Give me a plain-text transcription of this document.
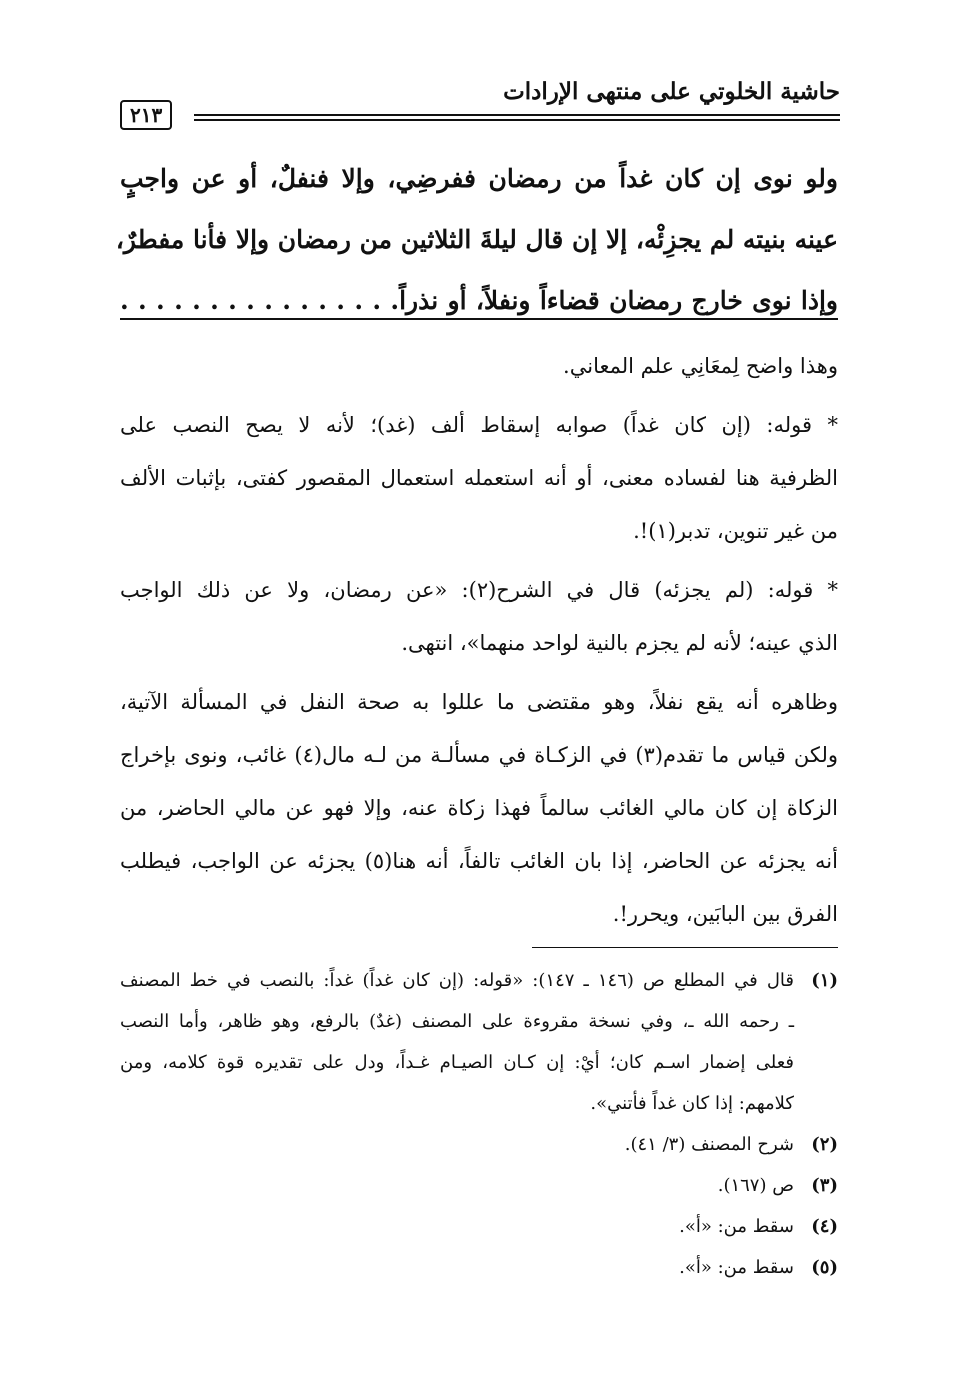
حاشية الخلوتي على منتهى الإرادات
٢١٣

ولو نوى إن كان غداً من رمضان ففرضِي، وإلا فنفلٌ، أو عن واجبٍ

عينه بنيته لم يجزِئْه، إلا إن قال ليلةَ الثلاثين من رمضان وإلا فأنا مفطرٌ،

وإذا نوى خارج رمضان قضاءاً ونفلاً، أو نذراً. . . . . . . . . . . . . . . .

وهذا واضح لِمعَانِي علم المعاني.
* قوله: (إن كان غداً) صوابه إسقاط ألف (غد)؛ لأنه لا يصح النصب على
الظرفية هنا لفساده معنى، أو أنه استعمله استعمال المقصور كفتى، بإثبات الألف
من غير تنوين، تدبر(١)!.
* قوله: (لم يجزئه) قال في الشرح(٢): «عن رمضان، ولا عن ذلك الواجب
الذي عينه؛ لأنه لم يجزم بالنية لواحد منهما»، انتهى.
وظاهره أنه يقع نفلاً، وهو مقتضى ما عللوا به صحة النفل في المسألة الآتية،
ولكن قياس ما تقدم(٣) في الزكـاة في مسألـة من لـه مال(٤) غائب، ونوى بإخراج
الزكاة إن كان مالي الغائب سالماً فهذا زكاة عنه، وإلا فهو عن مالي الحاضر، من
أنه يجزئه عن الحاضر، إذا بان الغائب تالفاً، أنه هنا(٥) يجزئه عن الواجب، فيطلب
الفرق بين البابَين، ويحرر!.
(١)
قال في المطلع ص (١٤٦ ـ ١٤٧): «قوله: (إن كان غداً) غداً: بالنصب في خط المصنف
ـ رحمه الله ـ، وفي نسخة مقروءة على المصنف (غدٌ) بالرفع، وهو ظاهر، وأما النصب
فعلى إضمار اسـم كان؛ أيْ: إن كـان الصيـام غـداً، ودل على تقديره قوة كلامه، ومن
كلامهم: إذا كان غداً فأتني».
(٢)
شرح المصنف (٣/ ٤١).
(٣)
ص (١٦٧).
(٤)
سقط من: «أ».
(٥)
سقط من: «أ».
